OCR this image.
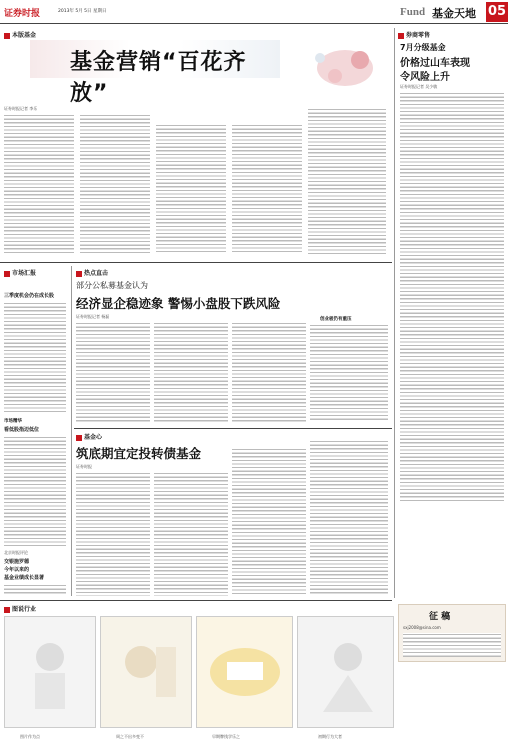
证券时报	2013年 5月 5日 星期日	Fund 基金天地 05
本版基金
基金营销“百花齐放”
证券时报记者 李乐
券商零售
7月分级基金
价格过山车表现
令风险上升
证券时报记者 吴少敏
市场汇报
三季度机会仍在成长股
市场精华
看低股指迈低位
北京时报评论
交银施罗德
今年以来的
基金业绩成长显著
热点直击
部分公私募基金认为
经济显企稳迹象 警惕小盘股下跌风险
证券时报记者 杨磊
创业板仍有重压
基金心
筑底期宜定投转债基金
证券时报
征 稿
sxj2008@sina.com
图说行业
图片作为点	周之不出多变不	早期牌钱学乐之	初期行为大者
